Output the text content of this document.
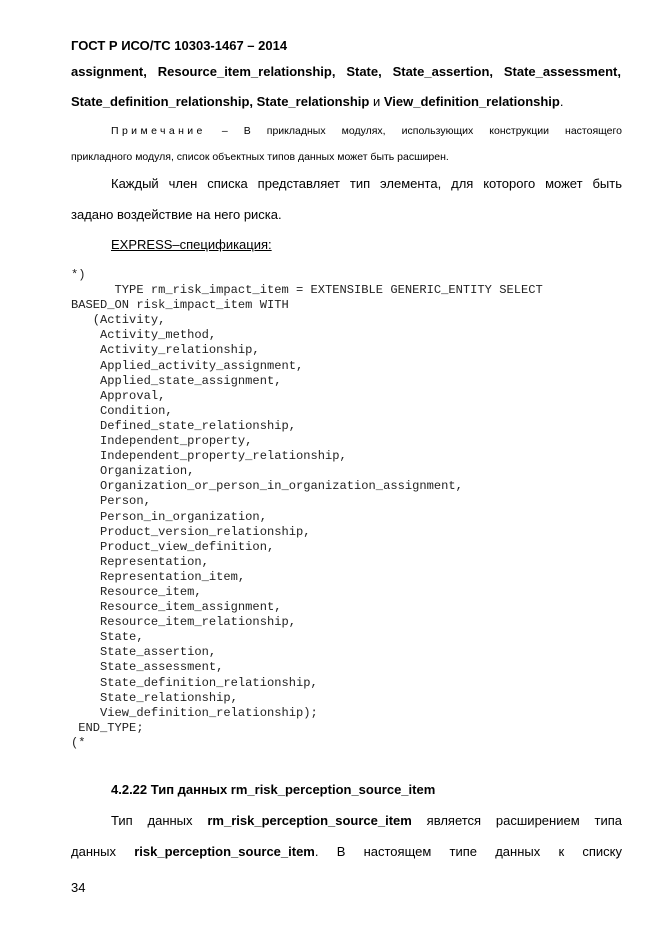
ГОСТ Р ИСО/ТС 10303-1467 – 2014
assignment, Resource_item_relationship, State, State_assertion, State_assessment,
State_definition_relationship, State_relationship и View_definition_relationship.
Примечание – В прикладных модулях, использующих конструкции настоящего
прикладного модуля, список объектных типов данных может быть расширен.
Каждый член списка представляет тип элемента, для которого может быть
задано воздействие на него риска.
EXPRESS–спецификация:
*)
TYPE rm_risk_impact_item = EXTENSIBLE GENERIC_ENTITY SELECT
BASED_ON risk_impact_item WITH
(Activity,
Activity_method,
Activity_relationship,
Applied_activity_assignment,
Applied_state_assignment,
Approval,
Condition,
Defined_state_relationship,
Independent_property,
Independent_property_relationship,
Organization,
Organization_or_person_in_organization_assignment,
Person,
Person_in_organization,
Product_version_relationship,
Product_view_definition,
Representation,
Representation_item,
Resource_item,
Resource_item_assignment,
Resource_item_relationship,
State,
State_assertion,
State_assessment,
State_definition_relationship,
State_relationship,
View_definition_relationship);
END_TYPE;
(*
4.2.22 Тип данных rm_risk_perception_source_item
Тип данных rm_risk_perception_source_item является расширением типа
данных risk_perception_source_item. В настоящем типе данных к списку
34
